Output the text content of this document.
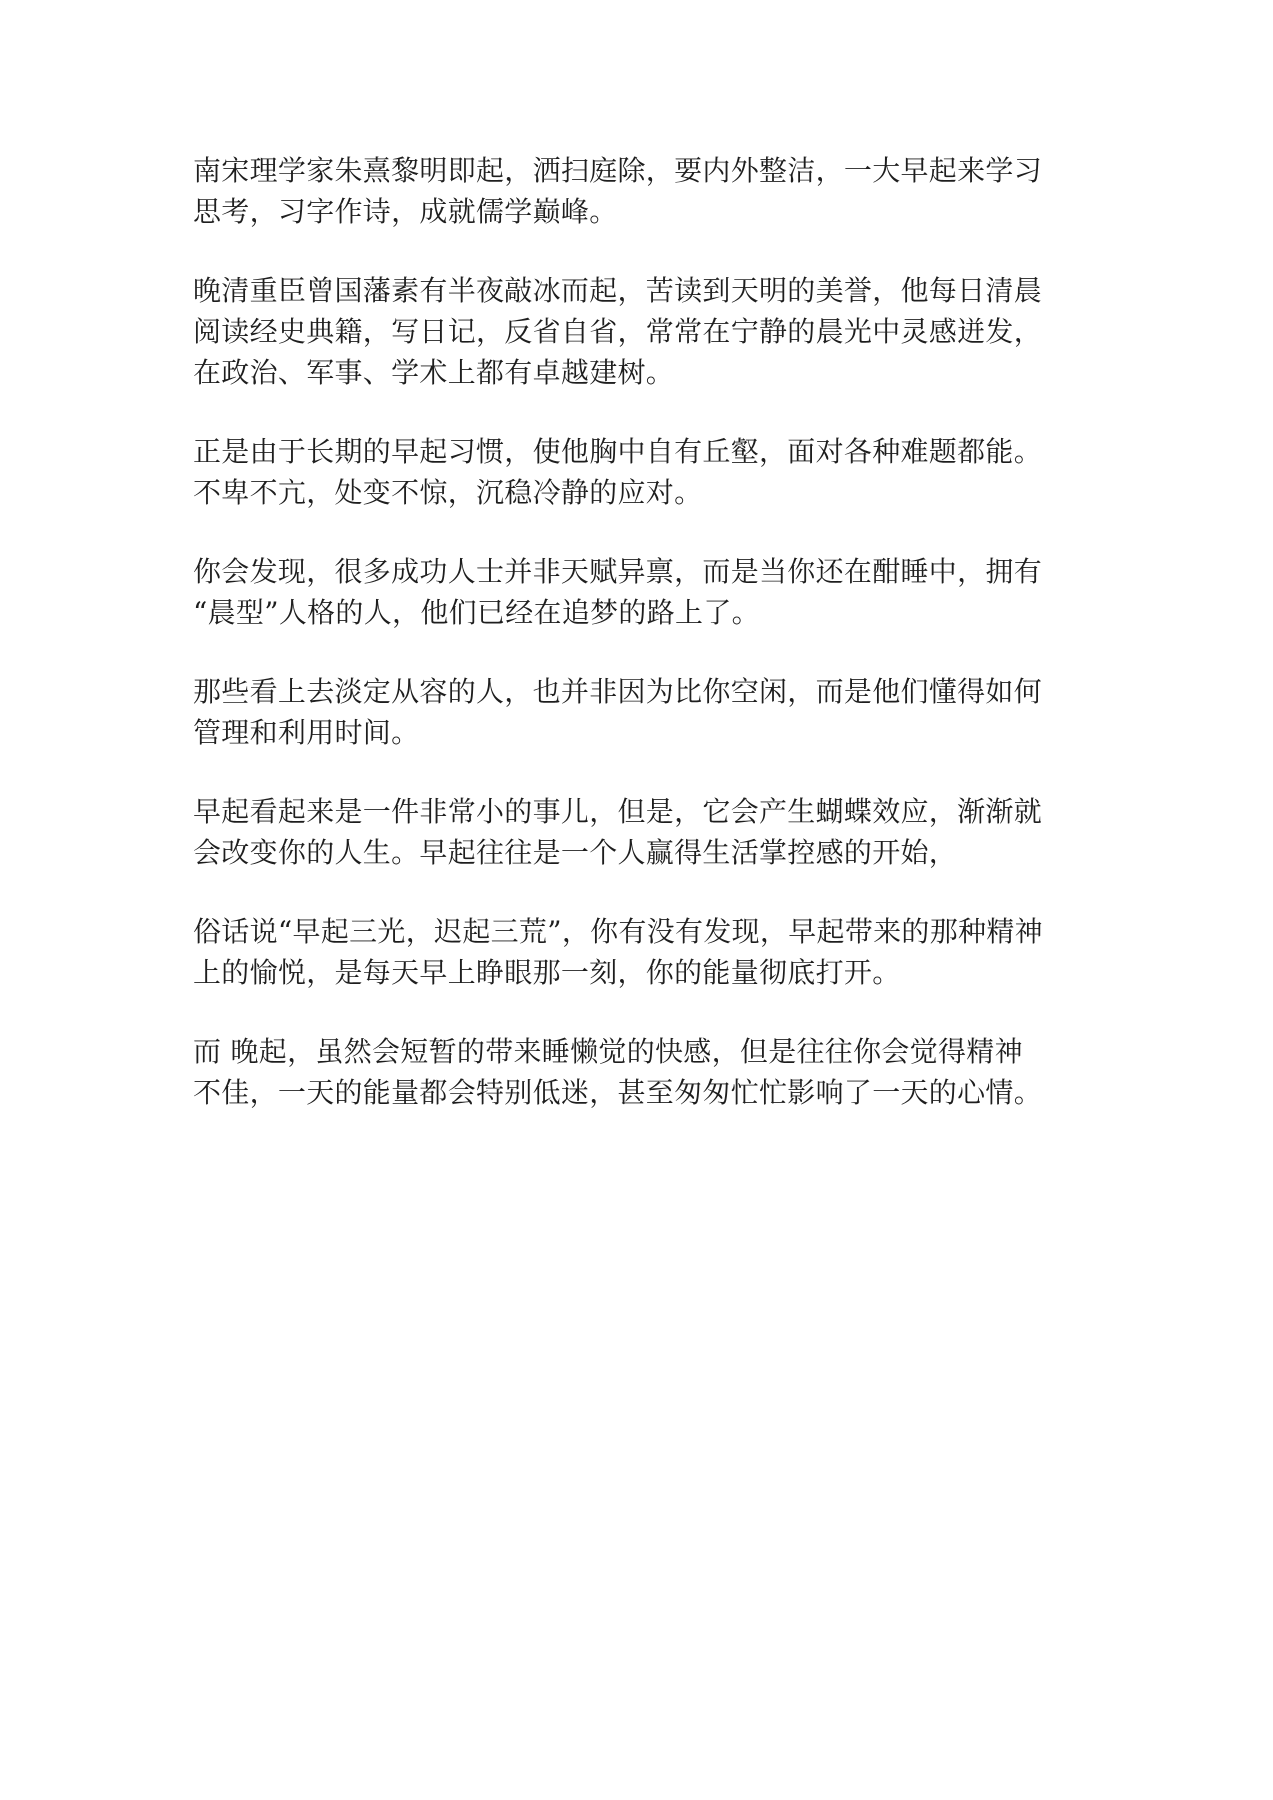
南宋理学家朱熹黎明即起，洒扫庭除，要内外整洁，一大早起来学习
思考，习字作诗，成就儒学巅峰。

晚清重臣曾国藩素有半夜敲冰而起，苦读到天明的美誉，他每日清晨
阅读经史典籍，写日记，反省自省，常常在宁静的晨光中灵感迸发，
在政治、军事、学术上都有卓越建树。

正是由于长期的早起习惯，使他胸中自有丘壑，面对各种难题都能。
不卑不亢，处变不惊，沉稳冷静的应对。

你会发现，很多成功人士并非天赋异禀，而是当你还在酣睡中，拥有
“晨型”人格的人，他们已经在追梦的路上了。

那些看上去淡定从容的人，也并非因为比你空闲，而是他们懂得如何
管理和利用时间。

早起看起来是一件非常小的事儿，但是，它会产生蝴蝶效应，渐渐就
会改变你的人生。早起往往是一个人赢得生活掌控感的开始，

俗话说“早起三光，迟起三荒”，你有没有发现，早起带来的那种精神
上的愉悦，是每天早上睁眼那一刻，你的能量彻底打开。

而 晚起，虽然会短暂的带来睡懒觉的快感，但是往往你会觉得精神
不佳，一天的能量都会特别低迷，甚至匆匆忙忙影响了一天的心情。
